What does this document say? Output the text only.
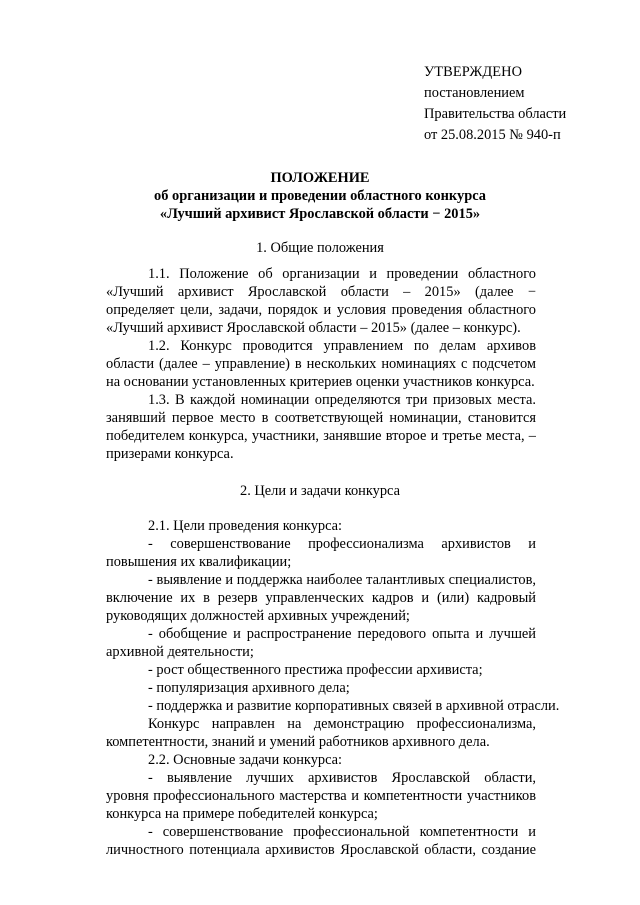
УТВЕРЖДЕНО
постановлением
Правительства области
от 25.08.2015 № 940-п
ПОЛОЖЕНИЕ
об организации и проведении областного конкурса
«Лучший архивист Ярославской области − 2015»
1. Общие положения
1.1. Положение об организации и проведении областного
«Лучший архивист Ярославской области – 2015» (далее −
определяет цели, задачи, порядок и условия проведения областного
«Лучший архивист Ярославской области – 2015» (далее – конкурс).
1.2. Конкурс проводится управлением по делам архивов
области (далее – управление) в нескольких номинациях с подсчетом
на основании установленных критериев оценки участников конкурса.
1.3. В каждой номинации определяются три призовых места.
занявший первое место в соответствующей номинации, становится
победителем конкурса, участники, занявшие второе и третье места, –
призерами конкурса.
2. Цели и задачи конкурса
2.1. Цели проведения конкурса:
- совершенствование профессионализма архивистов и
повышения их квалификации;
- выявление и поддержка наиболее талантливых специалистов,
включение их в резерв управленческих кадров и (или) кадровый
руководящих должностей архивных учреждений;
- обобщение и распространение передового опыта и лучшей
архивной деятельности;
- рост общественного престижа профессии архивиста;
- популяризация архивного дела;
- поддержка и развитие корпоративных связей в архивной отрасли.
Конкурс направлен на демонстрацию профессионализма,
компетентности, знаний и умений работников архивного дела.
2.2. Основные задачи конкурса:
- выявление лучших архивистов Ярославской области,
уровня профессионального мастерства и компетентности участников
конкурса на примере победителей конкурса;
- совершенствование профессиональной компетентности и
личностного потенциала архивистов Ярославской области, создание
